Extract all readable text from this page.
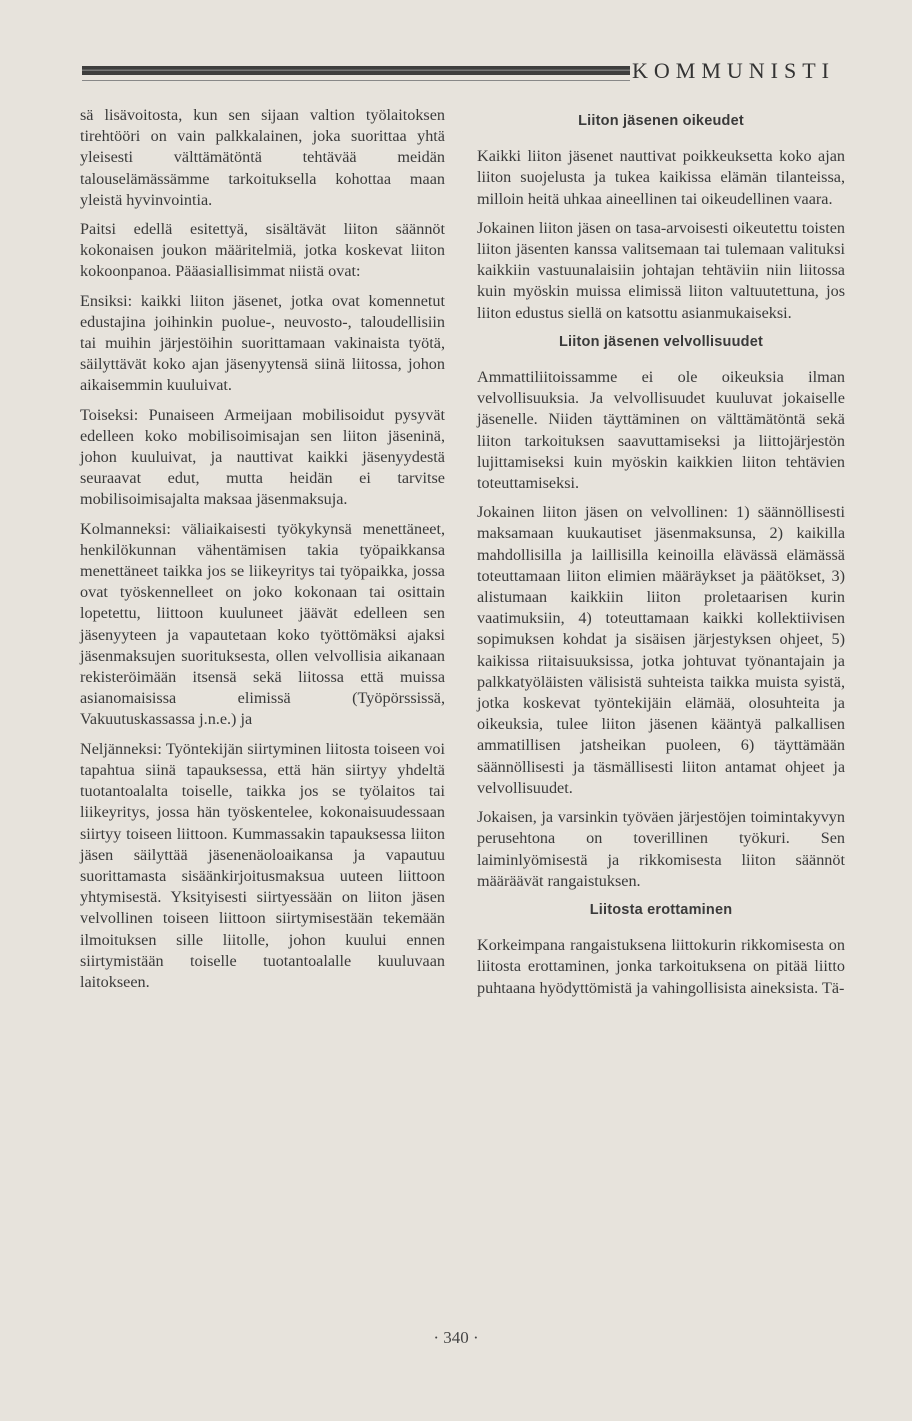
KOMMUNISTI

sä lisävoitosta, kun sen sijaan valtion työlaitoksen tirehtööri on vain palkkalainen, joka suorittaa yhtä yleisesti välttämätöntä tehtävää meidän talouselämässämme tarkoituksella kohottaa maan yleistä hyvinvointia.

Paitsi edellä esitettyä, sisältävät liiton säännöt kokonaisen joukon määritelmiä, jotka koskevat liiton kokoonpanoa. Pääasiallisimmat niistä ovat:

Ensiksi: kaikki liiton jäsenet, jotka ovat komennetut edustajina joihinkin puolue-, neuvosto-, taloudellisiin tai muihin järjestöihin suorittamaan vakinaista työtä, säilyttävät koko ajan jäsenyytensä siinä liitossa, johon aikaisemmin kuuluivat.

Toiseksi: Punaiseen Armeijaan mobilisoidut pysyvät edelleen koko mobilisoimisajan sen liiton jäseninä, johon kuuluivat, ja nauttivat kaikki jäsenyydestä seuraavat edut, mutta heidän ei tarvitse mobilisoimisajalta maksaa jäsenmaksuja.

Kolmanneksi: väliaikaisesti työkykynsä menettäneet, henkilökunnan vähentämisen takia työpaikkansa menettäneet taikka jos se liikeyritys tai työpaikka, jossa ovat työskennelleet on joko kokonaan tai osittain lopetettu, liittoon kuuluneet jäävät edelleen sen jäsenyyteen ja vapautetaan koko työttömäksi ajaksi jäsenmaksujen suorituksesta, ollen velvollisia aikanaan rekisteröimään itsensä sekä liitossa että muissa asianomaisissa elimissä (Työpörssissä, Vakuutuskassassa j.n.e.) ja

Neljänneksi: Työntekijän siirtyminen liitosta toiseen voi tapahtua siinä tapauksessa, että hän siirtyy yhdeltä tuotantoalalta toiselle, taikka jos se työlaitos tai liikeyritys, jossa hän työskentelee, kokonaisuudessaan siirtyy toiseen liittoon. Kummassakin tapauksessa liiton jäsen säilyttää jäsenenäoloaikansa ja vapautuu suorittamasta sisäänkirjoitusmaksua uuteen liittoon yhtymisestä. Yksityisesti siirtyessään on liiton jäsen velvollinen toiseen liittoon siirtymisestään tekemään ilmoituksen sille liitolle, johon kuului ennen siirtymistään toiselle tuotantoalalle kuuluvaan laitokseen.

Liiton jäsenen oikeudet

Kaikki liiton jäsenet nauttivat poikkeuksetta koko ajan liiton suojelusta ja tukea kaikissa elämän tilanteissa, milloin heitä uhkaa aineellinen tai oikeudellinen vaara.

Jokainen liiton jäsen on tasa-arvoisesti oikeutettu toisten liiton jäsenten kanssa valitsemaan tai tulemaan valituksi kaikkiin vastuunalaisiin johtajan tehtäviin niin liitossa kuin myöskin muissa elimissä liiton valtuutettuna, jos liiton edustus siellä on katsottu asianmukaiseksi.

Liiton jäsenen velvollisuudet

Ammattiliitoissamme ei ole oikeuksia ilman velvollisuuksia. Ja velvollisuudet kuuluvat jokaiselle jäsenelle. Niiden täyttäminen on välttämätöntä sekä liiton tarkoituksen saavuttamiseksi ja liittojärjestön lujittamiseksi kuin myöskin kaikkien liiton tehtävien toteuttamiseksi.

Jokainen liiton jäsen on velvollinen: 1) säännöllisesti maksamaan kuukautiset jäsenmaksunsa, 2) kaikilla mahdollisilla ja laillisilla keinoilla elävässä elämässä toteuttamaan liiton elimien määräykset ja päätökset, 3) alistumaan kaikkiin liiton proletaarisen kurin vaatimuksiin, 4) toteuttamaan kaikki kollektiivisen sopimuksen kohdat ja sisäisen järjestyksen ohjeet, 5) kaikissa riitaisuuksissa, jotka johtuvat työnantajain ja palkkatyöläisten välisistä suhteista taikka muista syistä, jotka koskevat työntekijäin elämää, olosuhteita ja oikeuksia, tulee liiton jäsenen kääntyä palkallisen ammatillisen jatsheikan puoleen, 6) täyttämään säännöllisesti ja täsmällisesti liiton antamat ohjeet ja velvollisuudet.

Jokaisen, ja varsinkin työväen järjestöjen toimintakyvyn perusehtona on toverillinen työkuri. Sen laiminlyömisestä ja rikkomisesta liiton säännöt määräävät rangaistuksen.

Liitosta erottaminen

Korkeimpana rangaistuksena liittokurin rikkomisesta on liitosta erottaminen, jonka tarkoituksena on pitää liitto puhtaana hyödyttömistä ja vahingollisista aineksista. Tä-

· 340 ·
